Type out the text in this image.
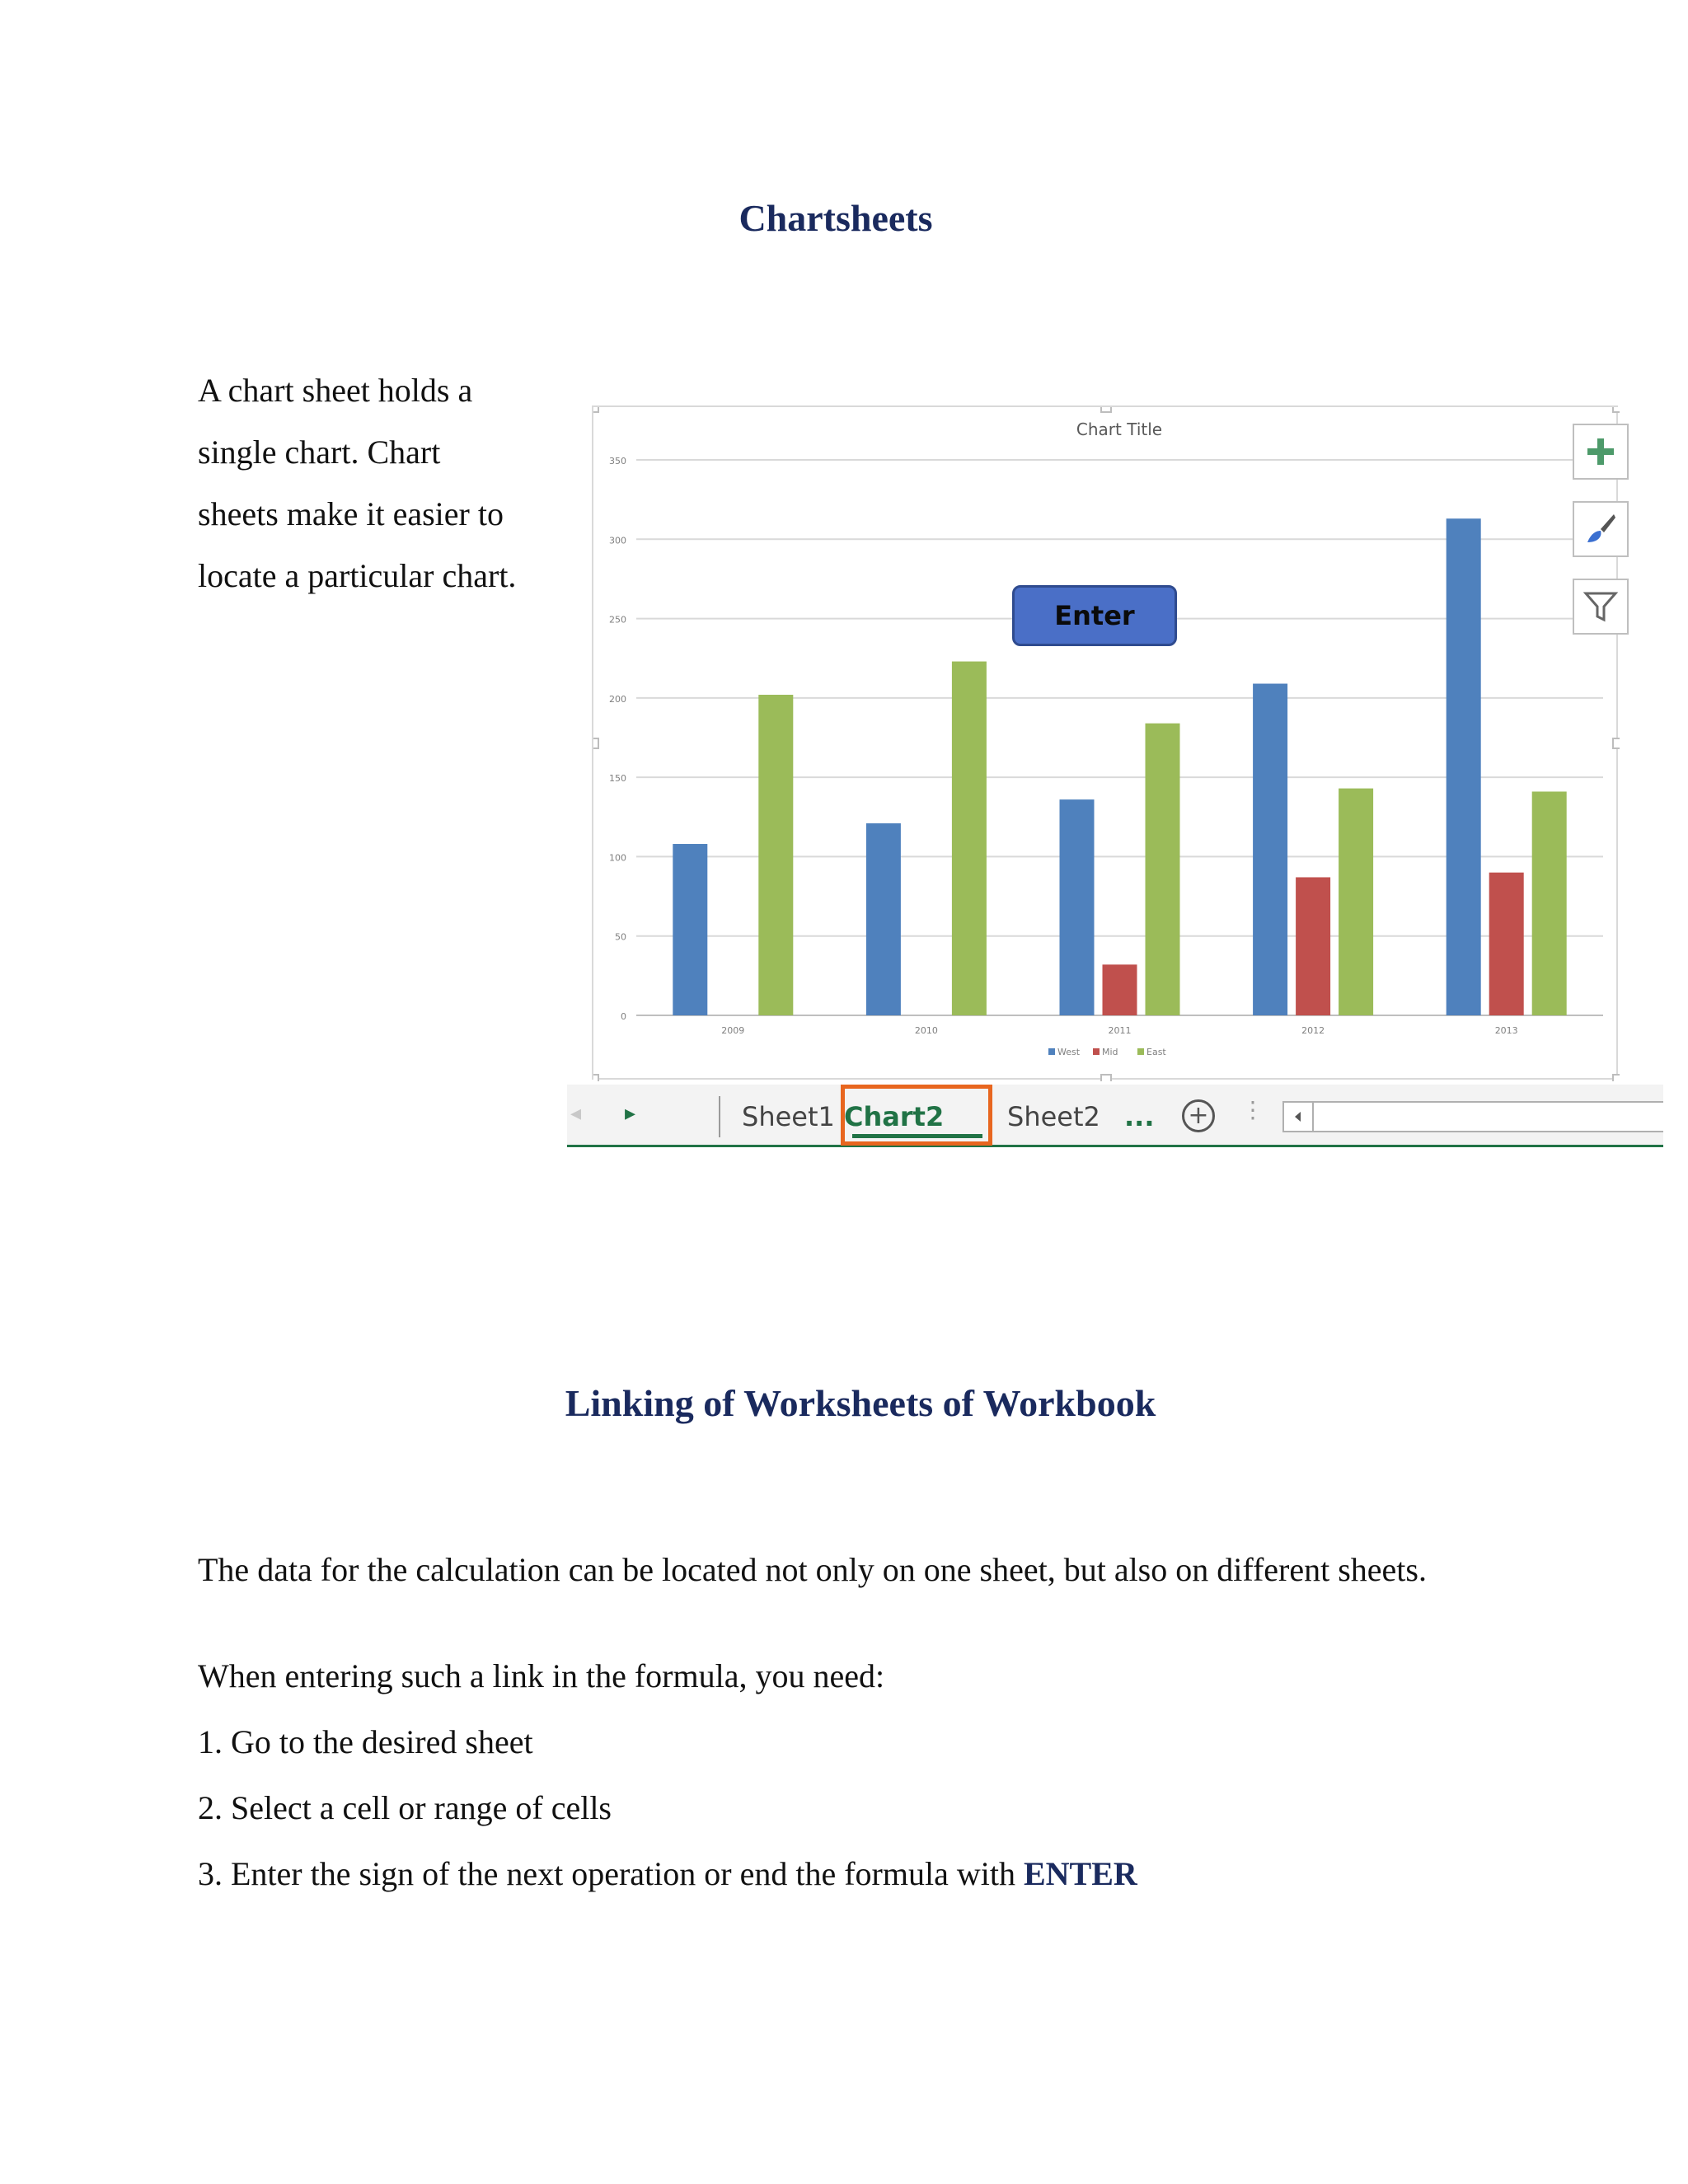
Chartsheets
A chart sheet holds a
single chart. Chart
sheets make it easier to
locate a particular chart.
Chart Title
0
50
100
150
200
250
300
350
2009	2010	2011	2012	2013
West Mid	East
Enter
◂ ▸	Sheet1 Chart2 Sheet2 ... + ⋮
Linking of Worksheets of Workbook
The data for the calculation can be located not only on one sheet, but also on different sheets.
When entering such a link in the formula, you need:
1. Go to the desired sheet
2. Select a cell or range of cells
3. Enter the sign of the next operation or end the formula with ENTER
